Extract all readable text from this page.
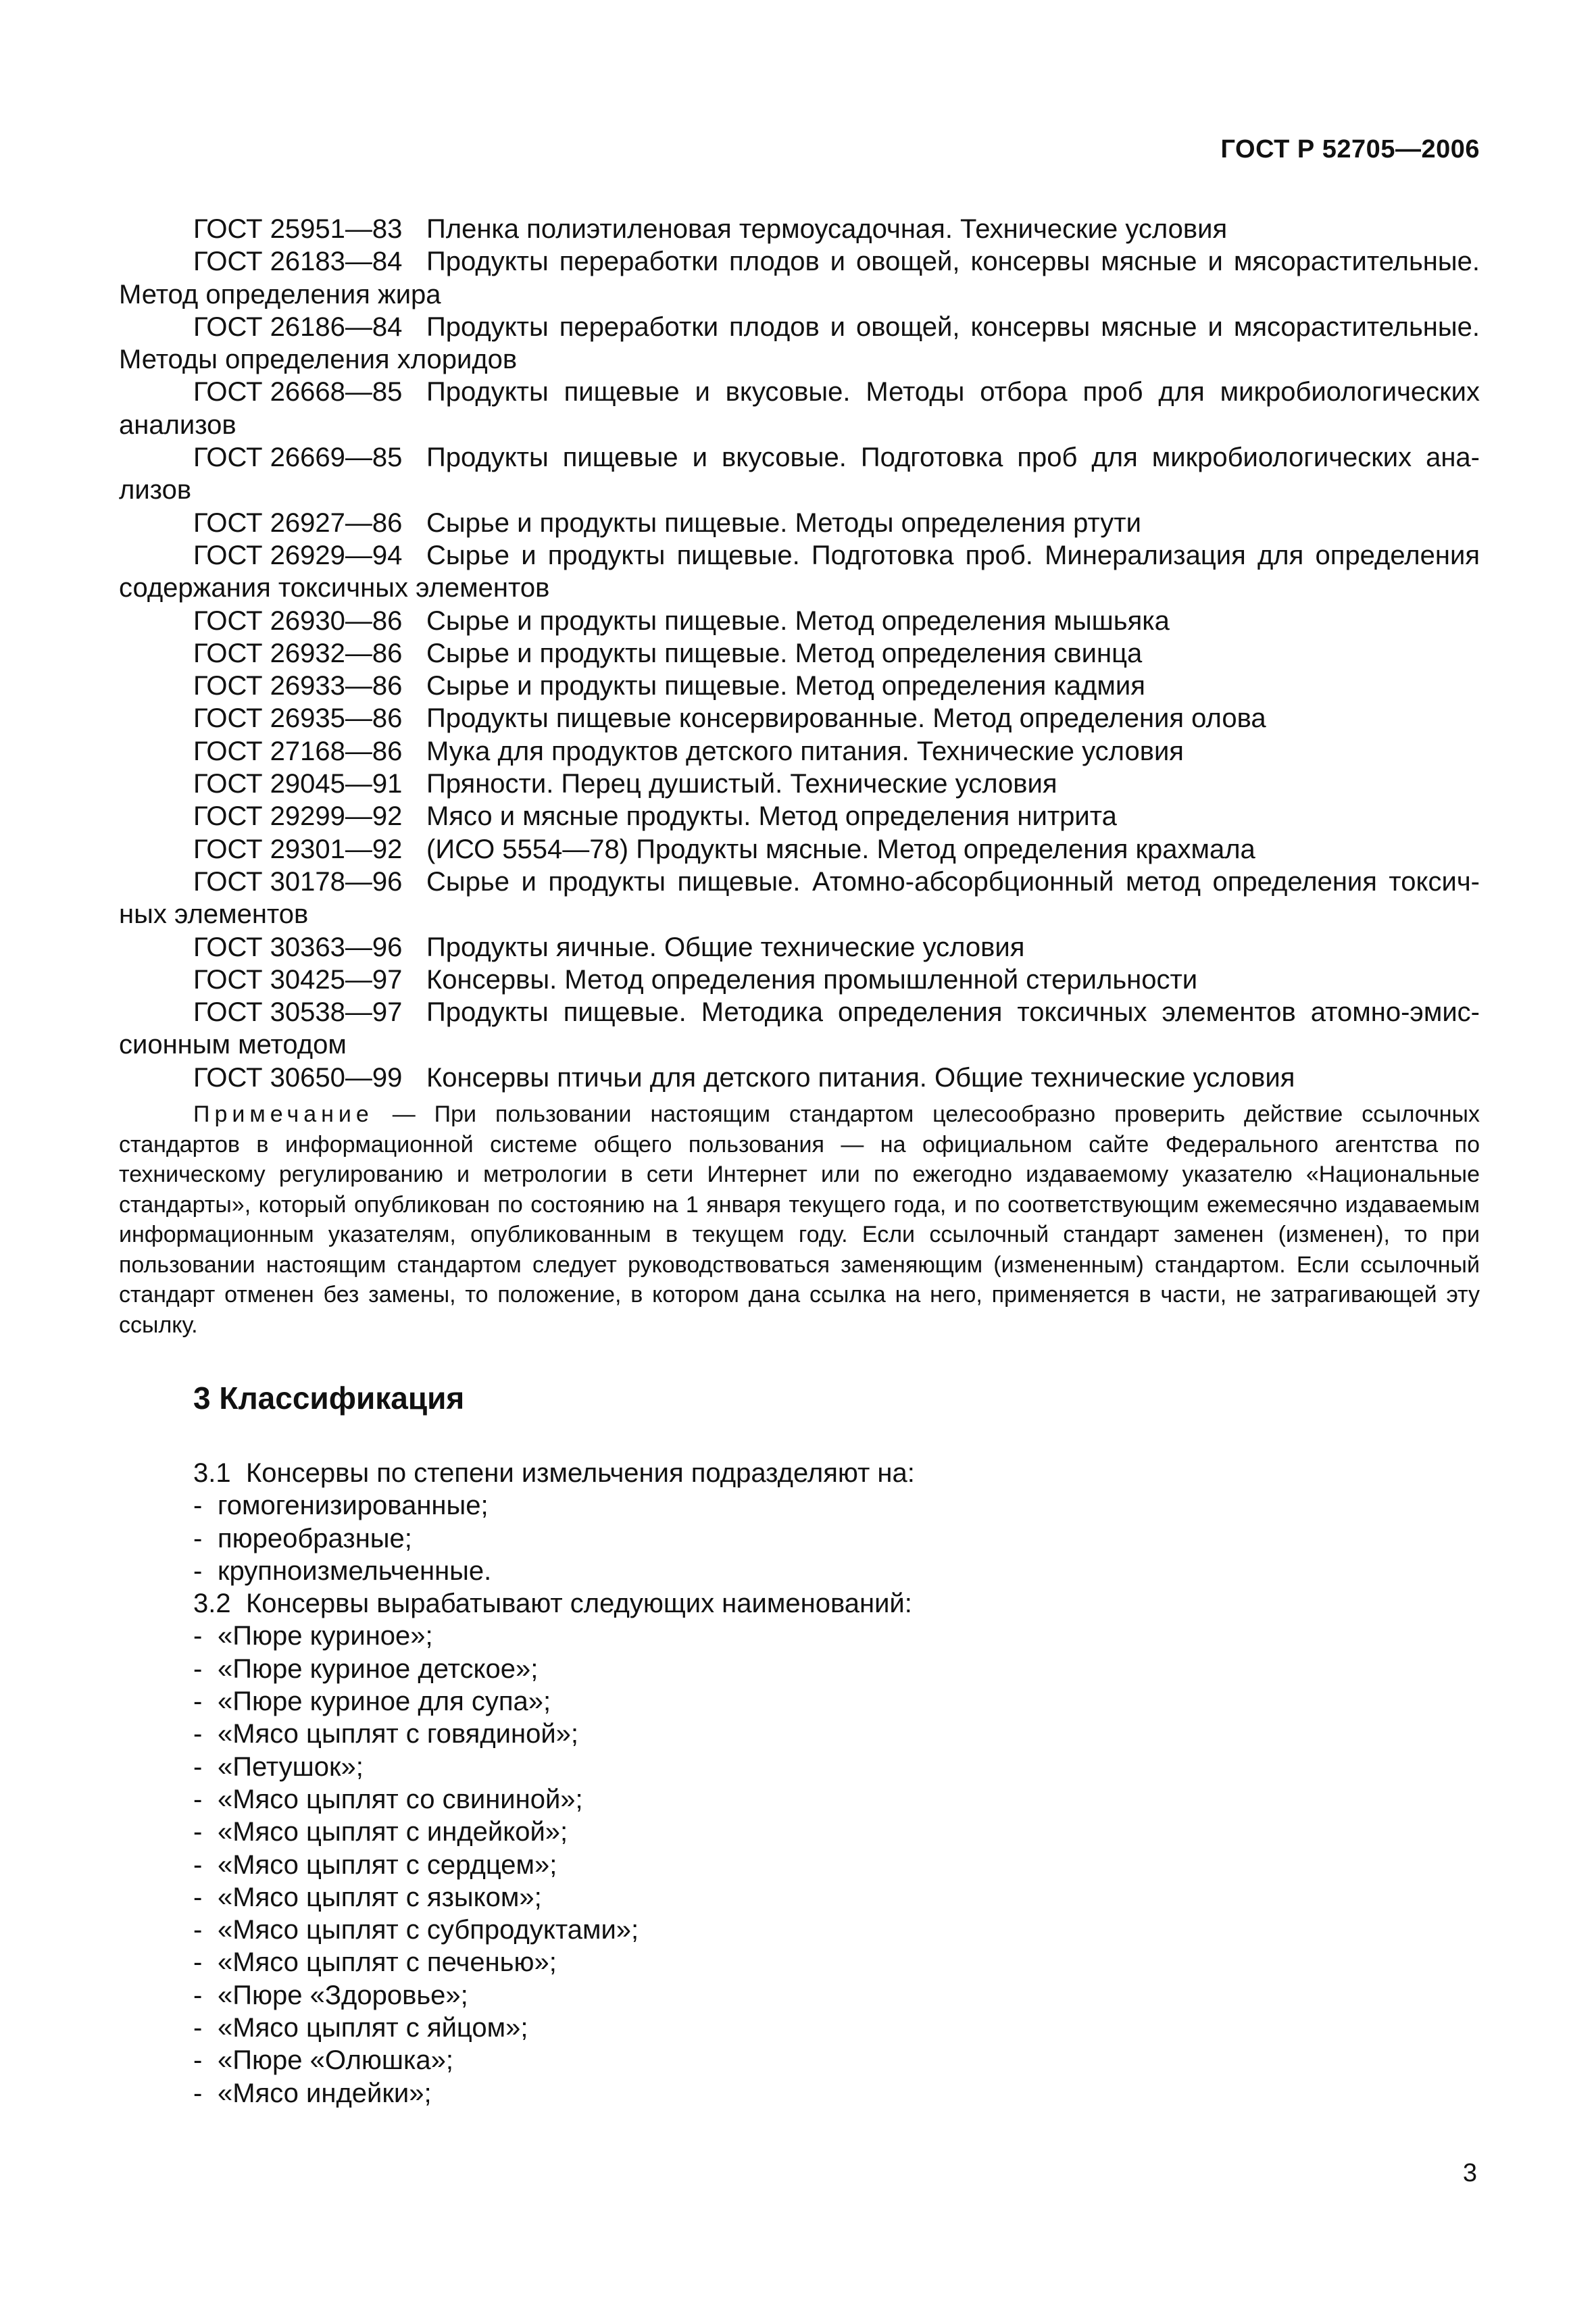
ГОСТ Р 52705—2006
ГОСТ 25951—83 Пленка полиэтиленовая термоусадочная. Технические условия
ГОСТ 26183—84 Продукты переработки плодов и овощей, консервы мясные и мясорастительные. Метод определения жира
ГОСТ 26186—84 Продукты переработки плодов и овощей, консервы мясные и мясорастительные. Методы определения хлоридов
ГОСТ 26668—85 Продукты пищевые и вкусовые. Методы отбора проб для микробиологических анализов
ГОСТ 26669—85 Продукты пищевые и вкусовые. Подготовка проб для микробиологических ана- лизов
ГОСТ 26927—86 Сырье и продукты пищевые. Методы определения ртути
ГОСТ 26929—94 Сырье и продукты пищевые. Подготовка проб. Минерализация для определения содержания токсичных элементов
ГОСТ 26930—86 Сырье и продукты пищевые. Метод определения мышьяка
ГОСТ 26932—86 Сырье и продукты пищевые. Метод определения свинца
ГОСТ 26933—86 Сырье и продукты пищевые. Метод определения кадмия
ГОСТ 26935—86 Продукты пищевые консервированные. Метод определения олова
ГОСТ 27168—86 Мука для продуктов детского питания. Технические условия
ГОСТ 29045—91 Пряности. Перец душистый. Технические условия
ГОСТ 29299—92 Мясо и мясные продукты. Метод определения нитрита
ГОСТ 29301—92 (ИСО 5554—78) Продукты мясные. Метод определения крахмала
ГОСТ 30178—96 Сырье и продукты пищевые. Атомно-абсорбционный метод определения токсич- ных элементов
ГОСТ 30363—96 Продукты яичные. Общие технические условия
ГОСТ 30425—97 Консервы. Метод определения промышленной стерильности
ГОСТ 30538—97 Продукты пищевые. Методика определения токсичных элементов атомно-эмис- сионным методом
ГОСТ 30650—99 Консервы птичьи для детского питания. Общие технические условия
Примечание — При пользовании настоящим стандартом целесообразно проверить действие ссылочных стандартов в информационной системе общего пользования — на официальном сайте Федерального агентства по техническому регулированию и метрологии в сети Интернет или по ежегодно издаваемому указателю «Национальные стандарты», который опубликован по состоянию на 1 января текущего года, и по соответствующим ежемесячно издаваемым информационным указателям, опубликованным в текущем году. Если ссылочный стандарт заменен (изменен), то при пользовании настоящим стандартом следует руководствоваться заменяющим (измененным) стандартом. Если ссылочный стандарт отменен без замены, то положение, в котором дана ссылка на него, применяется в части, не затрагивающей эту ссылку.
3 Классификация
3.1 Консервы по степени измельчения подразделяют на:
- гомогенизированные;
- пюреобразные;
- крупноизмельченные.
3.2 Консервы вырабатывают следующих наименований:
- «Пюре куриное»;
- «Пюре куриное детское»;
- «Пюре куриное для супа»;
- «Мясо цыплят с говядиной»;
- «Петушок»;
- «Мясо цыплят со свининой»;
- «Мясо цыплят с индейкой»;
- «Мясо цыплят с сердцем»;
- «Мясо цыплят с языком»;
- «Мясо цыплят с субпродуктами»;
- «Мясо цыплят с печенью»;
- «Пюре «Здоровье»;
- «Мясо цыплят с яйцом»;
- «Пюре «Олюшка»;
- «Мясо индейки»;
3
